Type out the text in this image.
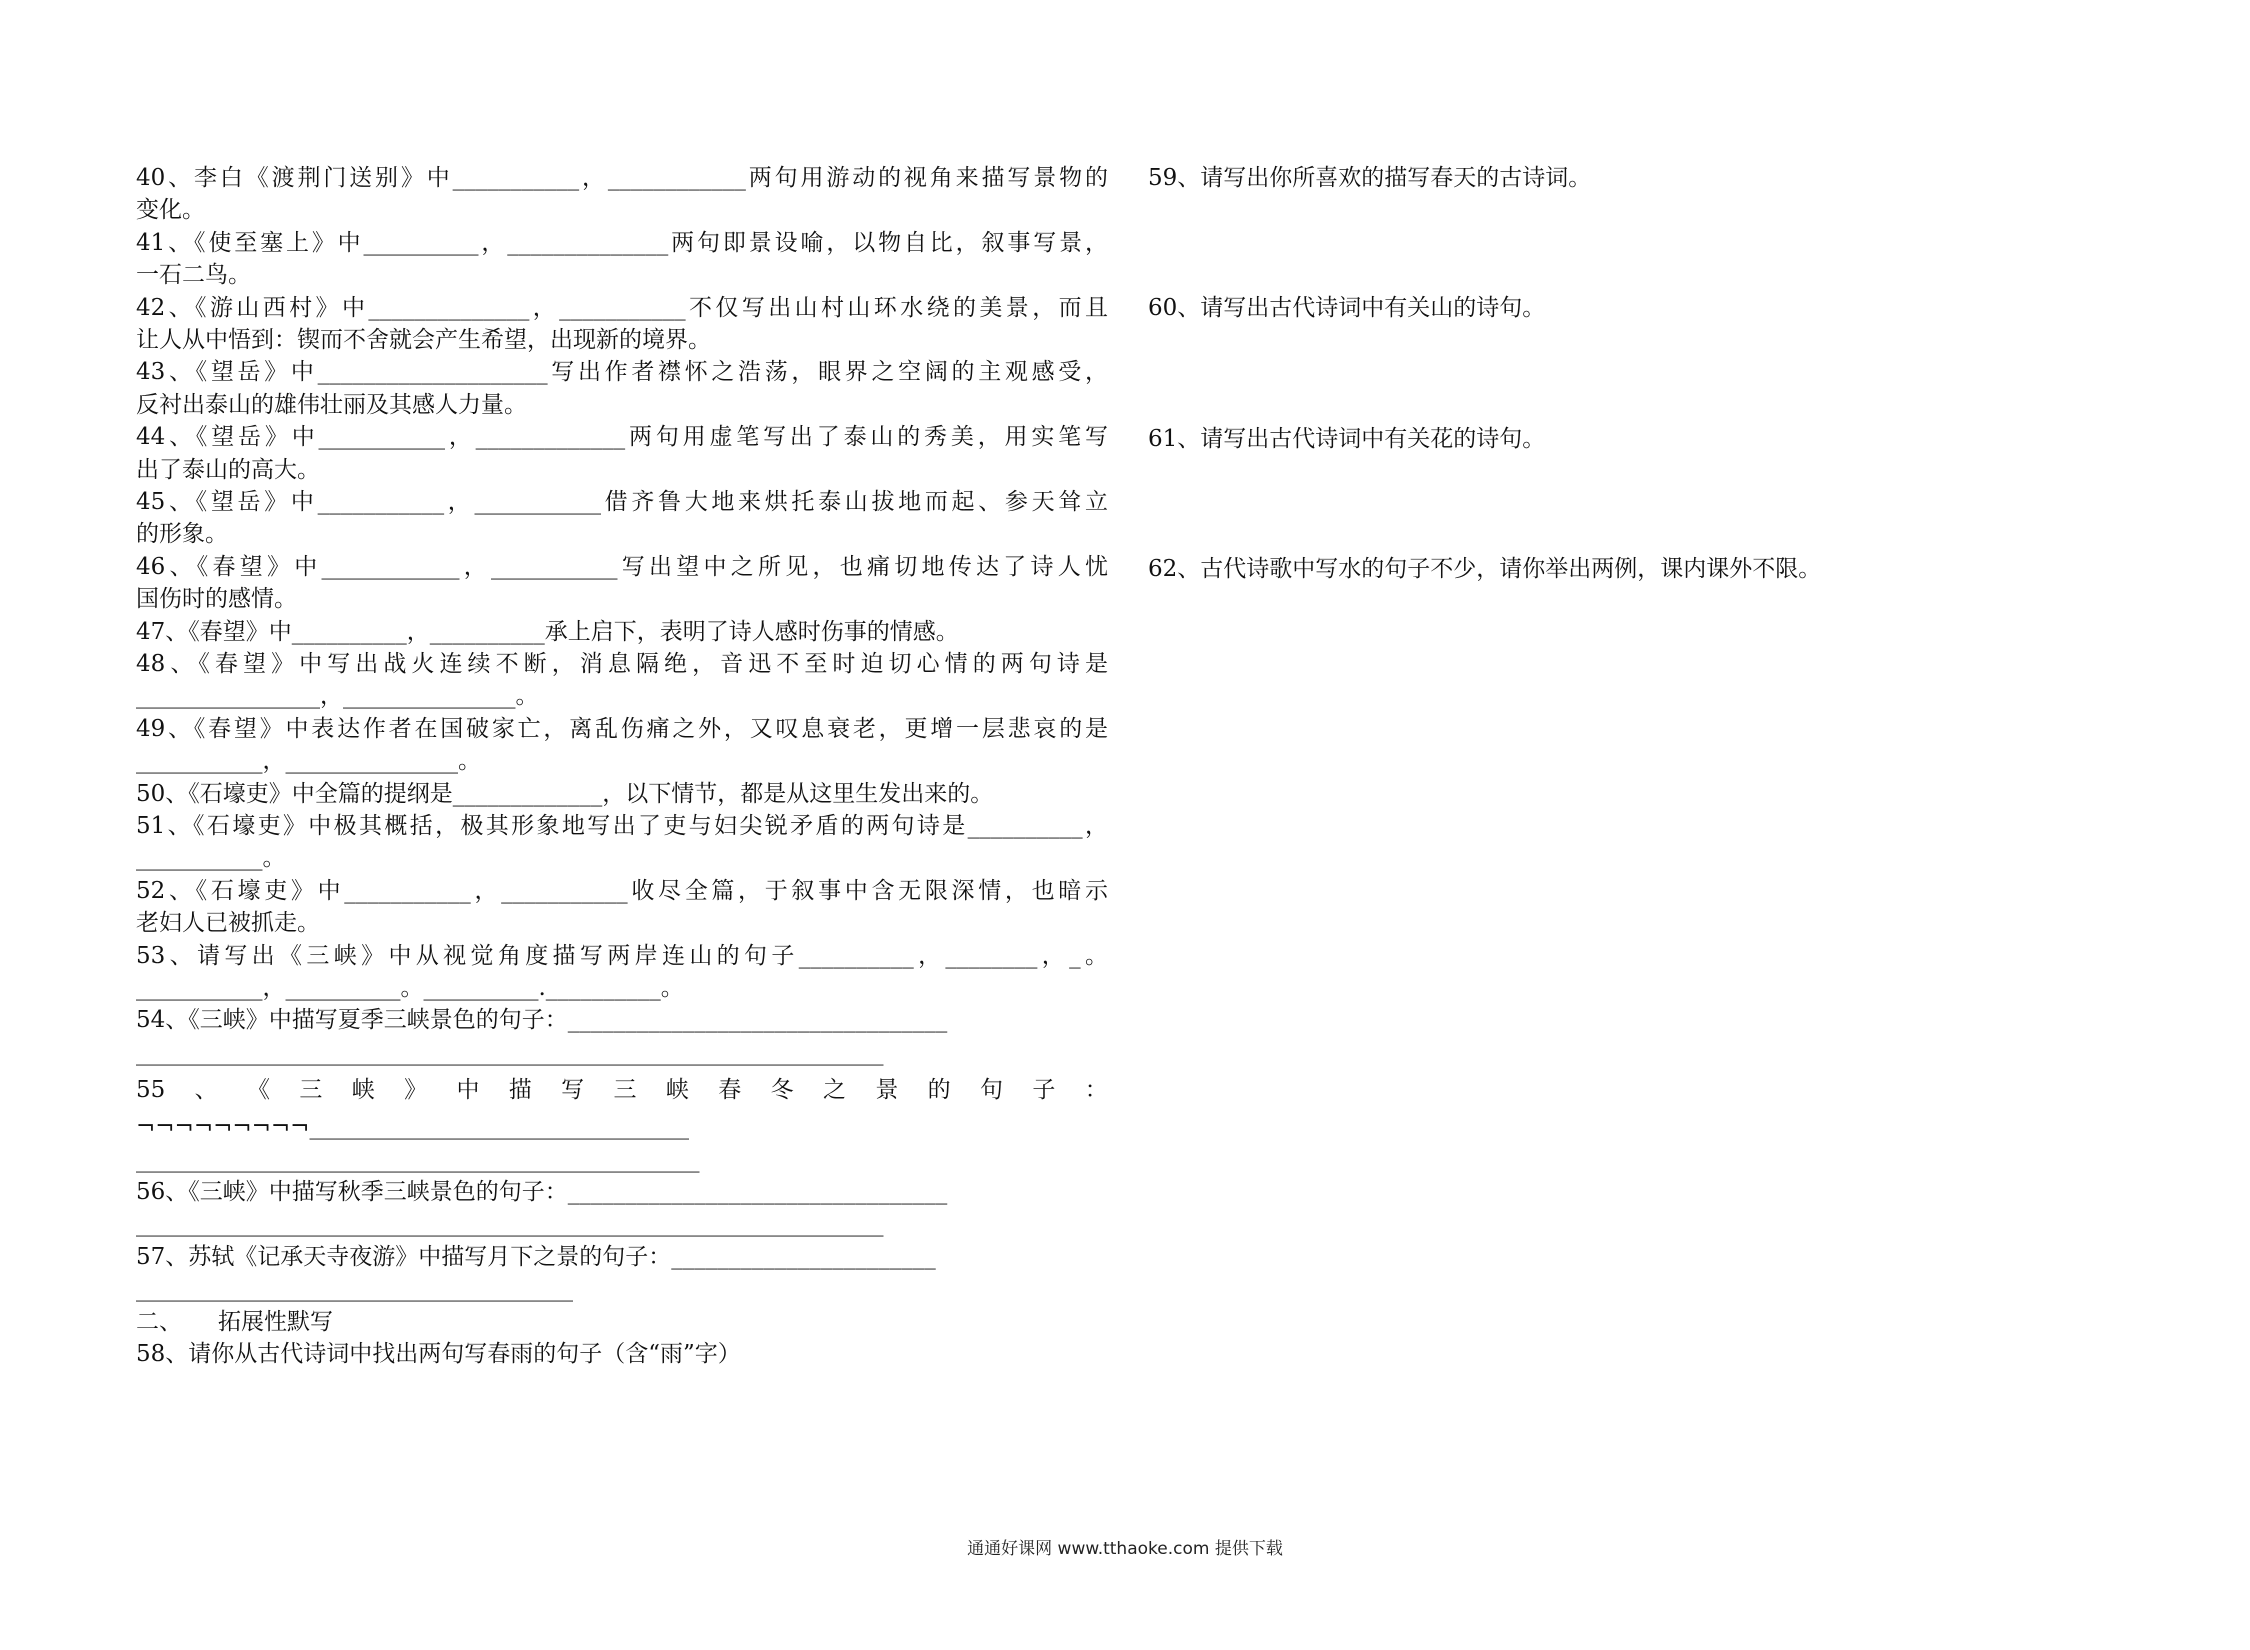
40、李白《渡荆门送别》中___________，____________两句用游动的视角来描写景物的
变化。
41、《使至塞上》中__________，______________两句即景设喻，以物自比，叙事写景，
一石二鸟。
42、《游山西村》中______________，___________不仅写出山村山环水绕的美景，而且
让人从中悟到：锲而不舍就会产生希望，出现新的境界。
43、《望岳》中____________________写出作者襟怀之浩荡，眼界之空阔的主观感受，
反衬出泰山的雄伟壮丽及其感人力量。
44、《望岳》中___________，_____________两句用虚笔写出了泰山的秀美，用实笔写
出了泰山的高大。
45、《望岳》中___________，___________借齐鲁大地来烘托泰山拔地而起、参天耸立
的形象。
46、《春望》中____________，___________写出望中之所见，也痛切地传达了诗人忧
国伤时的感情。
47、《春望》中__________，__________承上启下，表明了诗人感时伤事的情感。
48、《春望》中写出战火连续不断，消息隔绝，音迅不至时迫切心情的两句诗是
________________，_______________。
49、《春望》中表达作者在国破家亡，离乱伤痛之外，又叹息衰老，更增一层悲哀的是
___________，_______________。
50、《石壕吏》中全篇的提纲是_____________，以下情节，都是从这里生发出来的。
51、《石壕吏》中极其概括，极其形象地写出了吏与妇尖锐矛盾的两句诗是__________，
___________。
52、《石壕吏》中___________，___________收尽全篇，于叙事中含无限深情，也暗示
老妇人已被抓走。
53、请写出《三峡》中从视觉角度描写两岸连山的句子__________，________，_。
___________，__________。__________.__________。
54、《三峡》中描写夏季三峡景色的句子：_________________________________
_________________________________________________________________
55 、 《 三 峡 》 中 描 写 三 峡 春 冬 之 景 的 句 子 ：
¬¬¬¬¬¬¬¬¬_________________________________
_________________________________________________
56、《三峡》中描写秋季三峡景色的句子：_________________________________
_________________________________________________________________
57、苏轼《记承天寺夜游》中描写月下之景的句子：_______________________
______________________________________
二、 拓展性默写
58、请你从古代诗词中找出两句写春雨的句子（含“雨”字）
59、请写出你所喜欢的描写春天的古诗词。
60、请写出古代诗词中有关山的诗句。
61、请写出古代诗词中有关花的诗句。
62、古代诗歌中写水的句子不少，请你举出两例，课内课外不限。
通通好课网 www.tthaoke.com 提供下载
